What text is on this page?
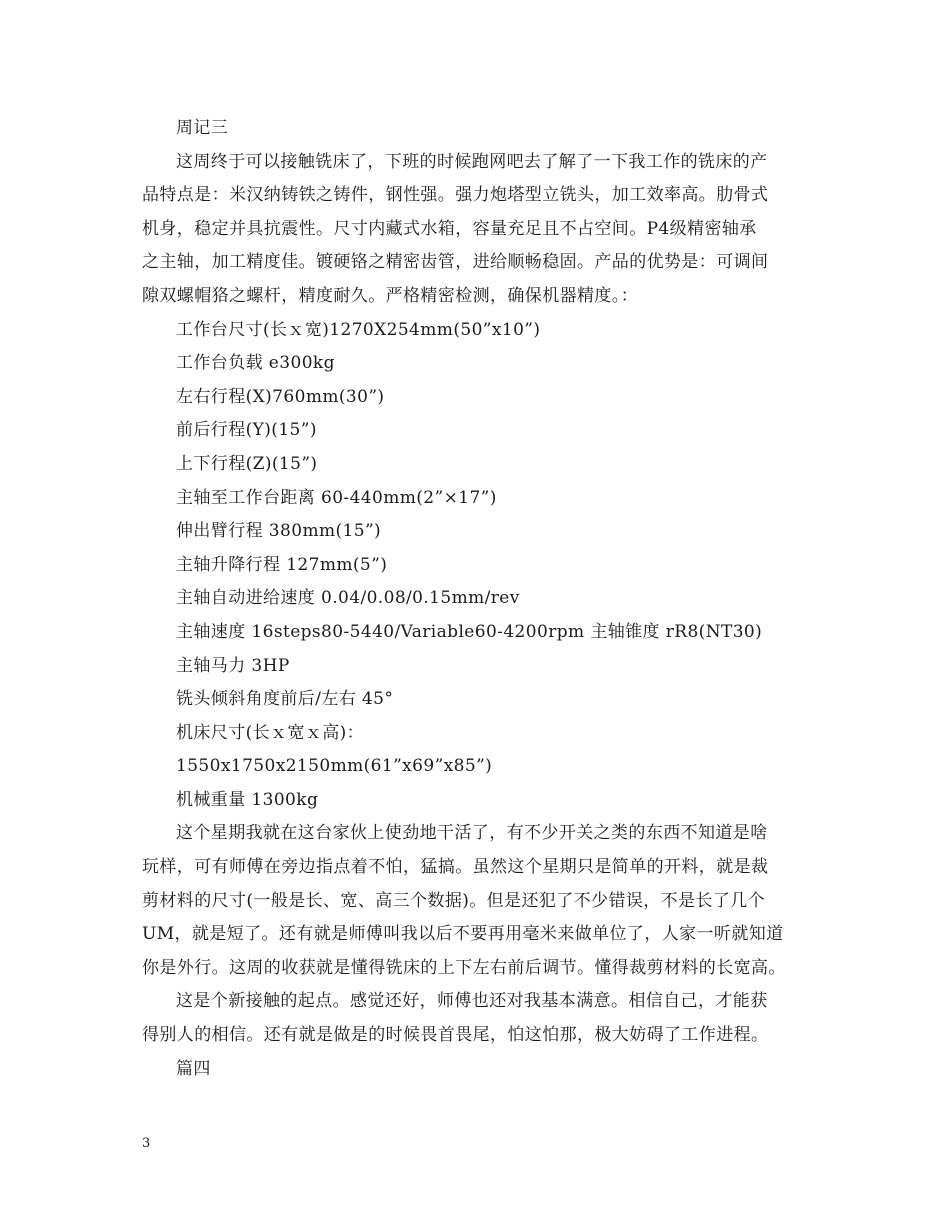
周记三
这周终于可以接触铣床了，下班的时候跑网吧去了解了一下我工作的铣床的产
品特点是：米汉纳铸铁之铸件，钢性强。强力炮塔型立铣头，加工效率高。肋骨式
机身，稳定并具抗震性。尺寸内藏式水箱，容量充足且不占空间。P4级精密轴承
之主轴，加工精度佳。镀硬铬之精密齿管，进给顺畅稳固。产品的优势是：可调间
隙双螺帽狢之螺杆，精度耐久。严格精密检测，确保机器精度。：
工作台尺寸(长ｘ宽)1270X254mm(50”x10”)
工作台负载 e300kg
左右行程(X)760mm(30”)
前后行程(Y)(15”)
上下行程(Z)(15”)
主轴至工作台距离 60-440mm(2”×17”)
伸出臂行程 380mm(15”)
主轴升降行程 127mm(5”)
主轴自动进给速度 0.04/0.08/0.15mm/rev
主轴速度 16steps80-5440/Variable60-4200rpm 主轴锥度 rR8(NT30)
主轴马力 3HP
铣头倾斜角度前后/左右 45°
机床尺寸(长ｘ宽ｘ高)：
1550x1750x2150mm(61”x69”x85”)
机械重量 1300kg
这个星期我就在这台家伙上使劲地干活了，有不少开关之类的东西不知道是啥
玩样，可有师傅在旁边指点着不怕，猛搞。虽然这个星期只是简单的开料，就是裁
剪材料的尺寸(一般是长、宽、高三个数据)。但是还犯了不少错误，不是长了几个
UM，就是短了。还有就是师傅叫我以后不要再用毫米来做单位了，人家一听就知道
你是外行。这周的收获就是懂得铣床的上下左右前后调节。懂得裁剪材料的长宽高。
这是个新接触的起点。感觉还好，师傅也还对我基本满意。相信自己，才能获
得别人的相信。还有就是做是的时候畏首畏尾，怕这怕那，极大妨碍了工作进程。
篇四
3
